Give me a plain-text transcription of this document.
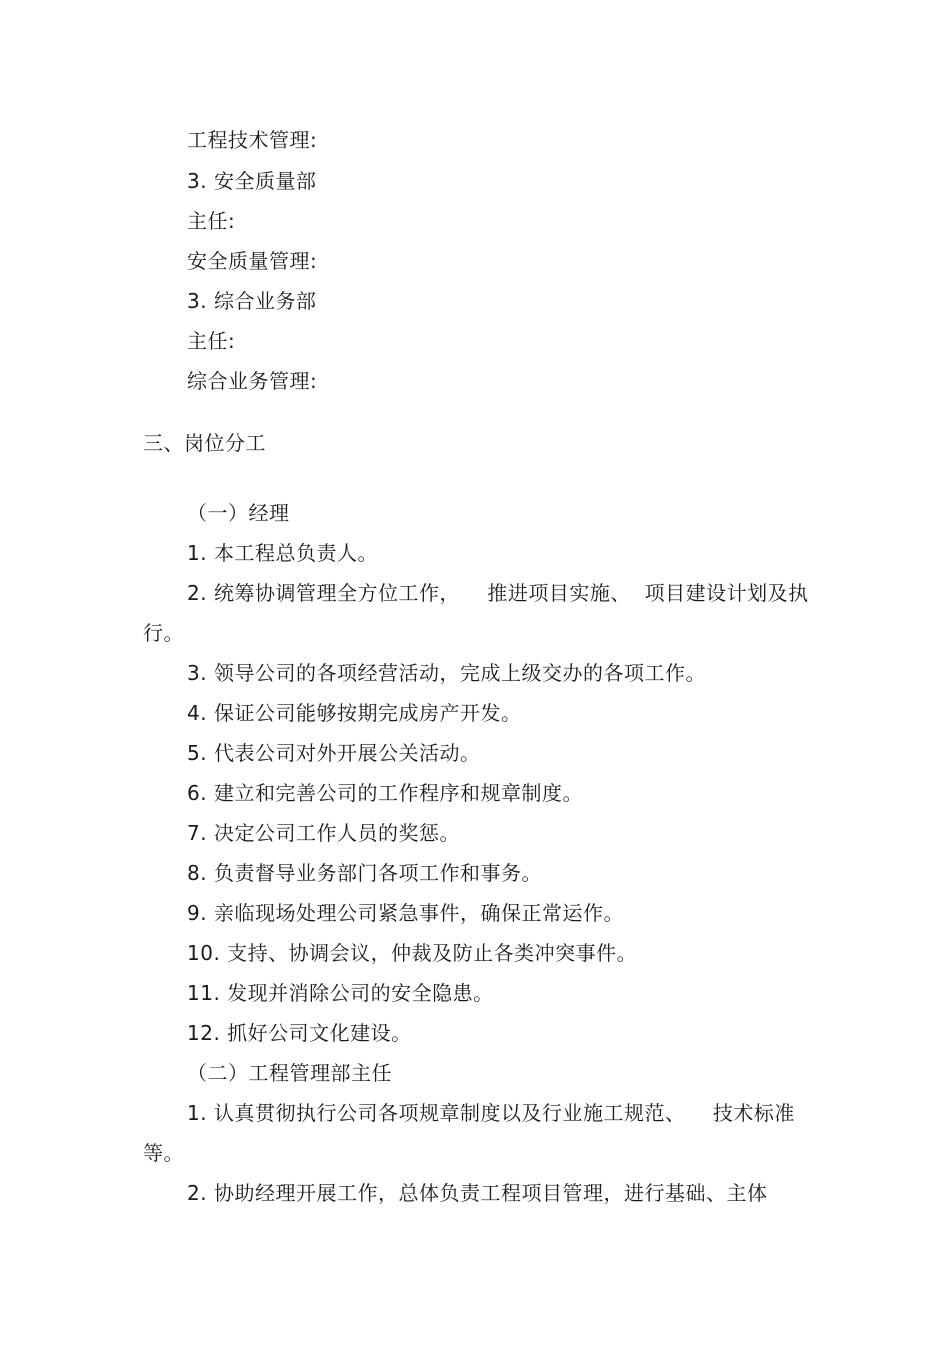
工程技术管理:
3. 安全质量部
主任:
安全质量管理:
3. 综合业务部
主任:
综合业务管理:
三、岗位分工
（一）经理
1. 本工程总负责人。
2. 统筹协调管理全方位工作，    推进项目实施、  项目建设计划及执
行。
3. 领导公司的各项经营活动，完成上级交办的各项工作。
4. 保证公司能够按期完成房产开发。
5. 代表公司对外开展公关活动。
6. 建立和完善公司的工作程序和规章制度。
7. 决定公司工作人员的奖惩。
8. 负责督导业务部门各项工作和事务。
9. 亲临现场处理公司紧急事件，确保正常运作。
10. 支持、协调会议，仲裁及防止各类冲突事件。
11. 发现并消除公司的安全隐患。
12. 抓好公司文化建设。
（二）工程管理部主任
1. 认真贯彻执行公司各项规章制度以及行业施工规范、    技术标准
等。
2. 协助经理开展工作，总体负责工程项目管理，进行基础、主体
